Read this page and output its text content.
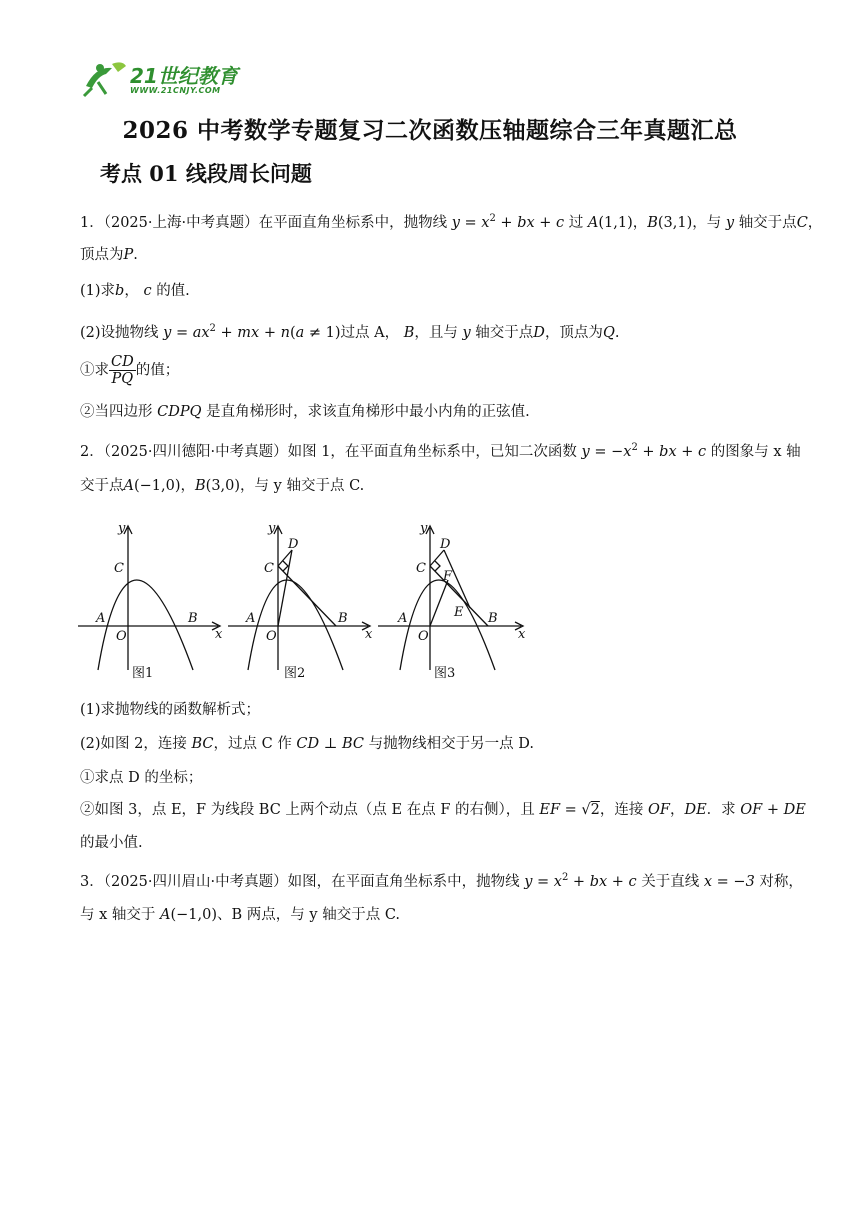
21世纪教育
WWW.21CNJY.COM
2026 中考数学专题复习二次函数压轴题综合三年真题汇总
考点 01 线段周长问题
1．（2025·上海·中考真题）在平面直角坐标系中，抛物线 $y = x^2$ + bx + c 过 A(1,1)，B(3,1)，与 y 轴交于点C，
顶点为P.
(1)求b， c 的值.
(2)设抛物线 $y = ax^2$ + mx + n(a ≠ 1)过点 A， B，且与 y 轴交于点D，顶点为Q.
①求 $\frac{CD}{PQ}$ 的值；
②当四边形 CDPQ 是直角梯形时，求该直角梯形中最小内角的正弦值.
2．（2025·四川德阳·中考真题）如图 1，在平面直角坐标系中，已知二次函数 $y = -x^2$ + bx + c 的图象与 x 轴
交于点A(−1,0)，B(3,0)，与 y 轴交于点 C.
y
x
C
A
O
B
y
x
C
A
O
B
D
y
x
C
A
O
B
D
F
E
图1	图2	图3
(1)求抛物线的函数解析式；
(2)如图 2，连接 BC，过点 C 作 CD ⊥ BC 与抛物线相交于另一点 D.
①求点 D 的坐标；
②如图 3，点 E，F 为线段 BC 上两个动点（点 E 在点 F 的右侧），且 EF = √2，连接 OF，DE．求 OF + DE
的最小值.
3．（2025·四川眉山·中考真题）如图，在平面直角坐标系中，抛物线 $y = x^2$ + bx + c 关于直线 x = −3 对称，
与 x 轴交于 A(−1,0)、B 两点，与 y 轴交于点 C.
